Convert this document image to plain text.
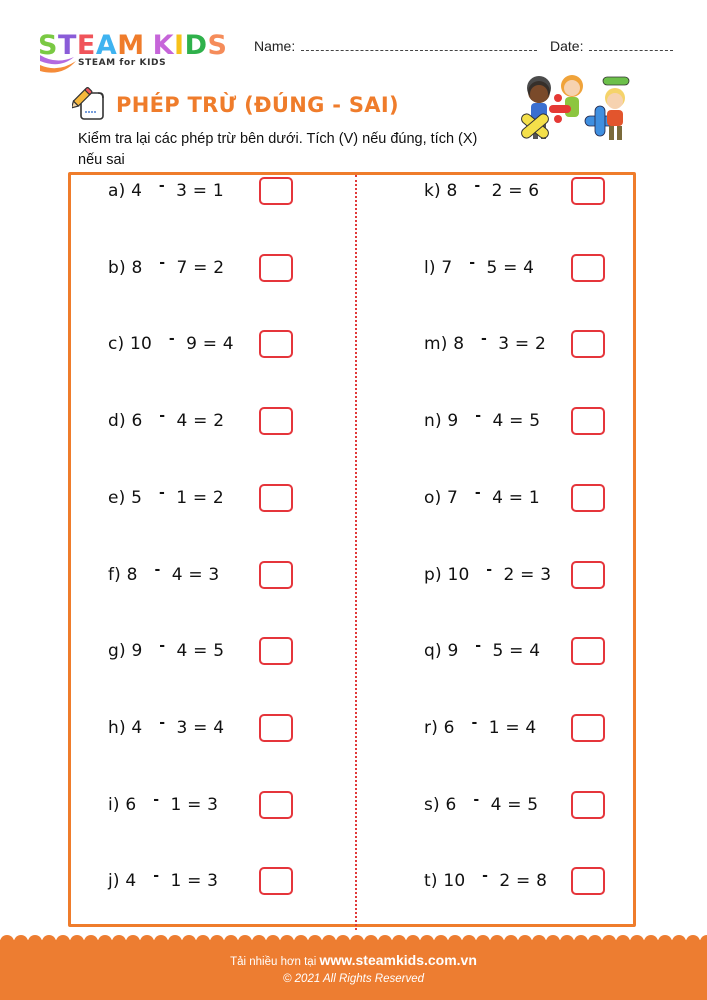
STEAM KIDS
STEAM for KIDS
Name:	Date:
PHÉP TRỪ (ĐÚNG - SAI)
Kiểm tra lại các phép trừ bên dưới. Tích (V) nếu đúng, tích (X) nếu sai
a) 4 - 3 = 1
b) 8 - 7 = 2
c) 10 - 9 = 4
d) 6 - 4 = 2
e) 5 - 1 = 2
f) 8 - 4 = 3
g) 9 - 4 = 5
h) 4 - 3 = 4
i) 6 - 1 = 3
j) 4 - 1 = 3
k) 8 - 2 = 6
l) 7 - 5 = 4
m) 8 - 3 = 2
n) 9 - 4 = 5
o) 7 - 4 = 1
p) 10 - 2 = 3
q) 9 - 5 = 4
r) 6 - 1 = 4
s) 6 - 4 = 5
t) 10 - 2 = 8
Tải nhiều hơn tại www.steamkids.com.vn
© 2021 All Rights Reserved
